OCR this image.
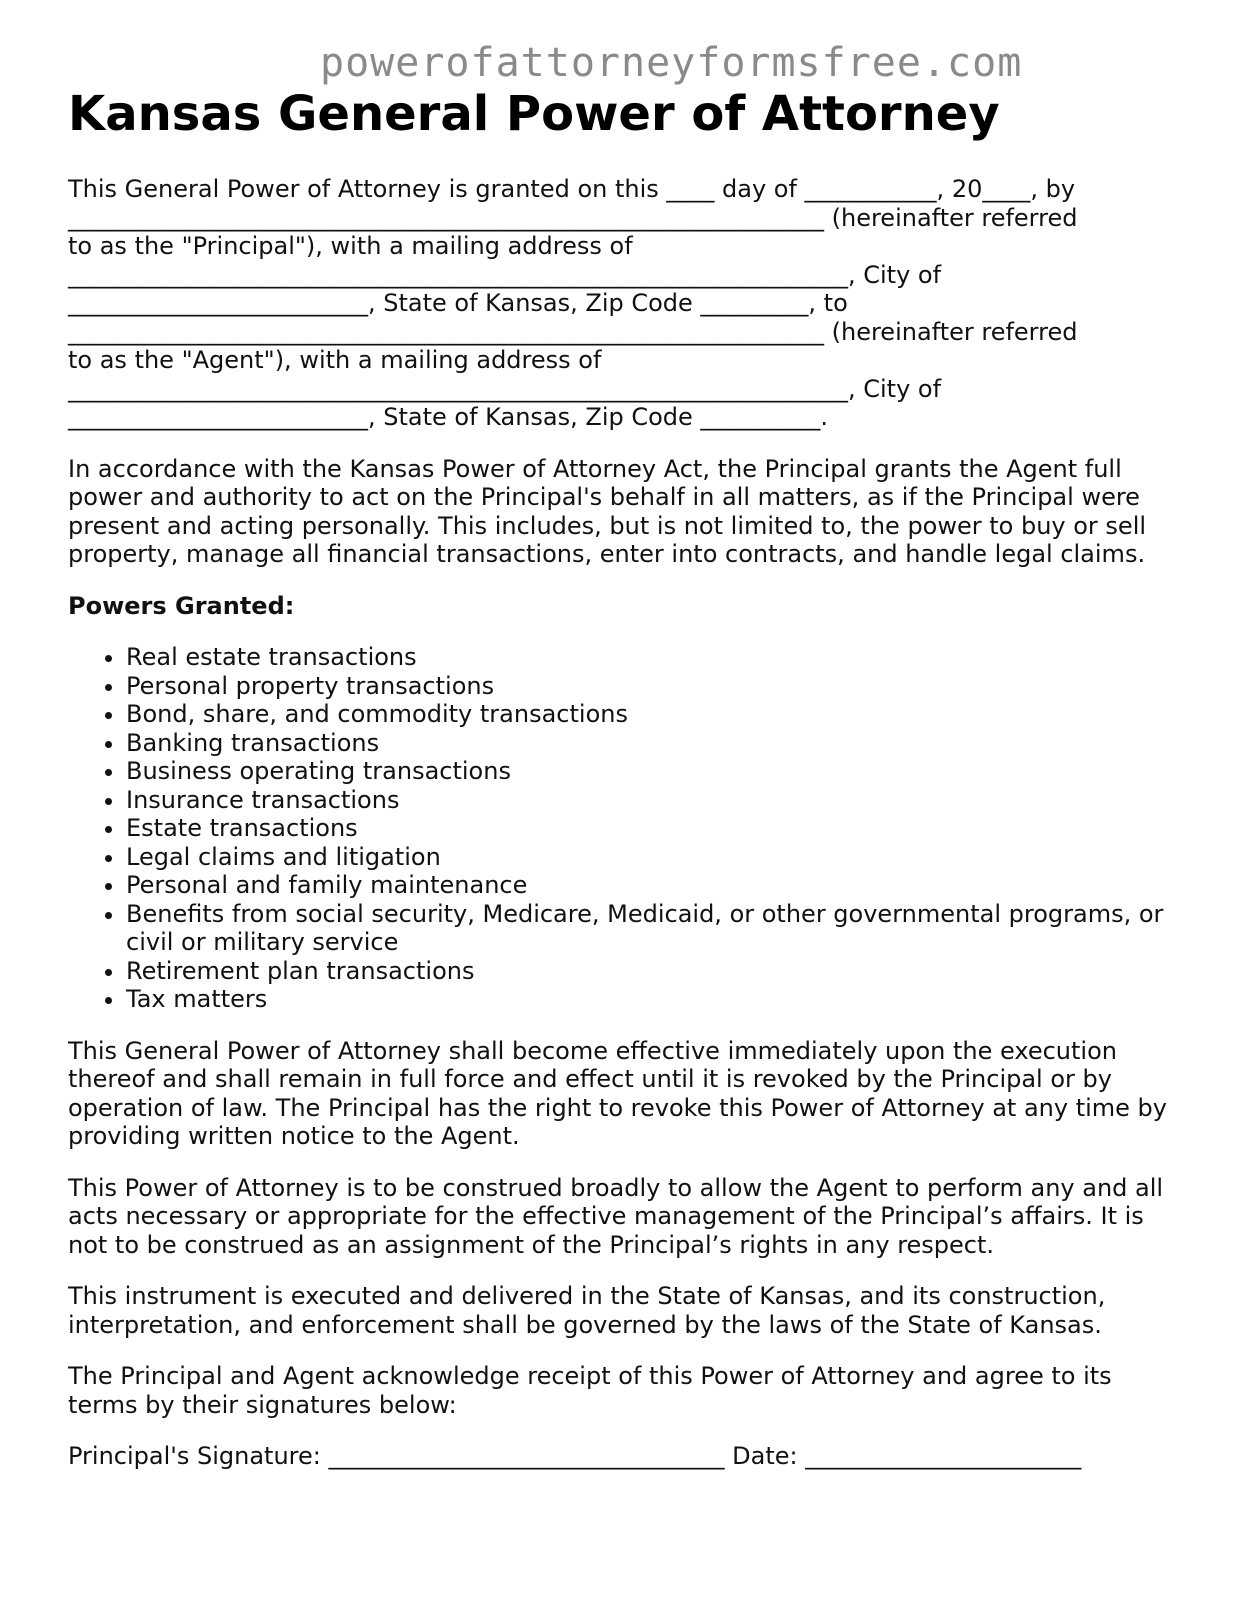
powerofattorneyformsfree.com
Kansas General Power of Attorney
This General Power of Attorney is granted on this ____ day of ___________, 20____, by
_______________________________________________________________ (hereinafter referred
to as the "Principal"), with a mailing address of
_________________________________________________________________, City of
_________________________, State of Kansas, Zip Code _________, to
_______________________________________________________________ (hereinafter referred
to as the "Agent"), with a mailing address of
_________________________________________________________________, City of
_________________________, State of Kansas, Zip Code __________.

In accordance with the Kansas Power of Attorney Act, the Principal grants the Agent full power and authority to act on the Principal's behalf in all matters, as if the Principal were present and acting personally. This includes, but is not limited to, the power to buy or sell property, manage all financial transactions, enter into contracts, and handle legal claims.

Powers Granted:
• Real estate transactions
• Personal property transactions
• Bond, share, and commodity transactions
• Banking transactions
• Business operating transactions
• Insurance transactions
• Estate transactions
• Legal claims and litigation
• Personal and family maintenance
• Benefits from social security, Medicare, Medicaid, or other governmental programs, or civil or military service
• Retirement plan transactions
• Tax matters

This General Power of Attorney shall become effective immediately upon the execution thereof and shall remain in full force and effect until it is revoked by the Principal or by operation of law. The Principal has the right to revoke this Power of Attorney at any time by providing written notice to the Agent.

This Power of Attorney is to be construed broadly to allow the Agent to perform any and all acts necessary or appropriate for the effective management of the Principal’s affairs. It is not to be construed as an assignment of the Principal’s rights in any respect.

This instrument is executed and delivered in the State of Kansas, and its construction, interpretation, and enforcement shall be governed by the laws of the State of Kansas.

The Principal and Agent acknowledge receipt of this Power of Attorney and agree to its terms by their signatures below:

Principal's Signature: _________________________________ Date: _______________________
